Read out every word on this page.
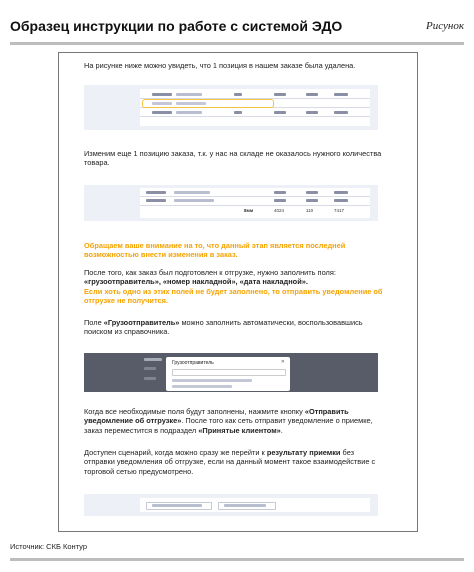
Образец инструкции по работе с системой ЭДО	Рисунок
На рисунке ниже можно увидеть, что 1 позиция в нашем заказе была удалена.
Изменим еще 1 позицию заказа, т.к. у нас на складе не оказалось нужного количества товара.
8мм	4024	110	7417
Обращаем ваше внимание на то, что данный этап является последней возможностью внести изменения в заказ.
После того, как заказ был подготовлен к отгрузке, нужно заполнить поля: «грузоотправитель», «номер накладной», «дата накладной».
Если хоть одно из этих полей не будет заполнено, то отправить уведомление об отгрузке не получится.
Поле «Грузоотправитель» можно заполнить автоматически, воспользовавшись поиском из справочника.
Грузоотправитель	✕
Когда все необходимые поля будут заполнены, нажмите кнопку «Отправить уведомление об отгрузке». После того как сеть отправит уведомление о приемке, заказ переместится в подраздел «Принятые клиентом».
Доступен сценарий, когда можно сразу же перейти к результату приемки без отправки уведомления об отгрузке, если на данный момент такое взаимодействие с торговой сетью предусмотрено.
Источник: СКБ Контур
